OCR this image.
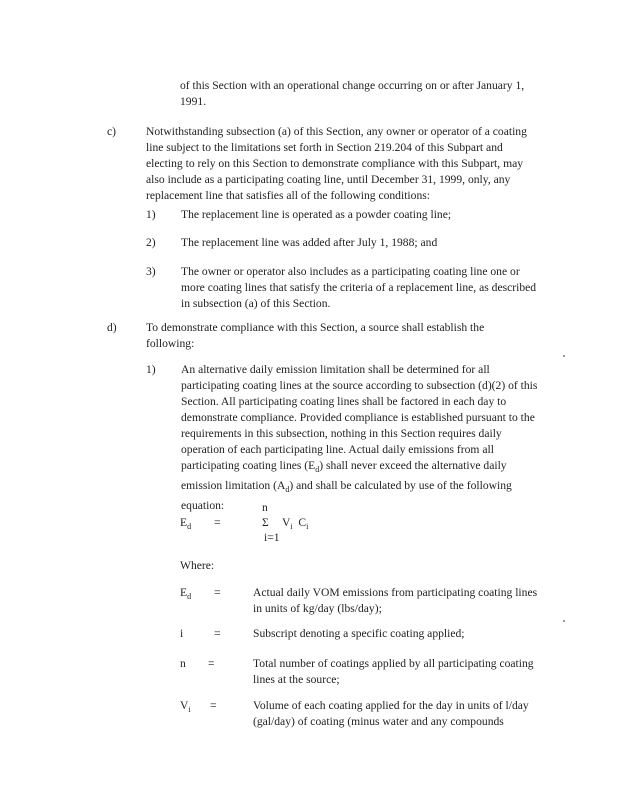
of this Section with an operational change occurring on or after January 1,
1991.
c)	Notwithstanding subsection (a) of this Section, any owner or operator of a coating line subject to the limitations set forth in Section 219.204 of this Subpart and electing to rely on this Section to demonstrate compliance with this Subpart, may also include as a participating coating line, until December 31, 1999, only, any replacement line that satisfies all of the following conditions:
1) The replacement line is operated as a powder coating line;
2) The replacement line was added after July 1, 1988; and
3) The owner or operator also includes as a participating coating line one or more coating lines that satisfy the criteria of a replacement line, as described in subsection (a) of this Section.
d)	To demonstrate compliance with this Section, a source shall establish the following:
1) An alternative daily emission limitation shall be determined for all participating coating lines at the source according to subsection (d)(2) of this Section. All participating coating lines shall be factored in each day to demonstrate compliance. Provided compliance is established pursuant to the requirements in this subsection, nothing in this Section requires daily operation of each participating line. Actual daily emissions from all participating coating lines $(E_d)$ shall never exceed the alternative daily emission limitation $(A_d)$ and shall be calculated by use of the following equation:
$E_d$ =
n
Σ $V_i$ $C_i$
i=1
Where:
$E_d$ =	Actual daily VOM emissions from participating coating lines in units of kg/day (lbs/day);
i	=	Subscript denoting a specific coating applied;
n =	Total number of coatings applied by all participating coating lines at the source;
$V_i$ =	Volume of each coating applied for the day in units of l/day (gal/day) of coating (minus water and any compounds
